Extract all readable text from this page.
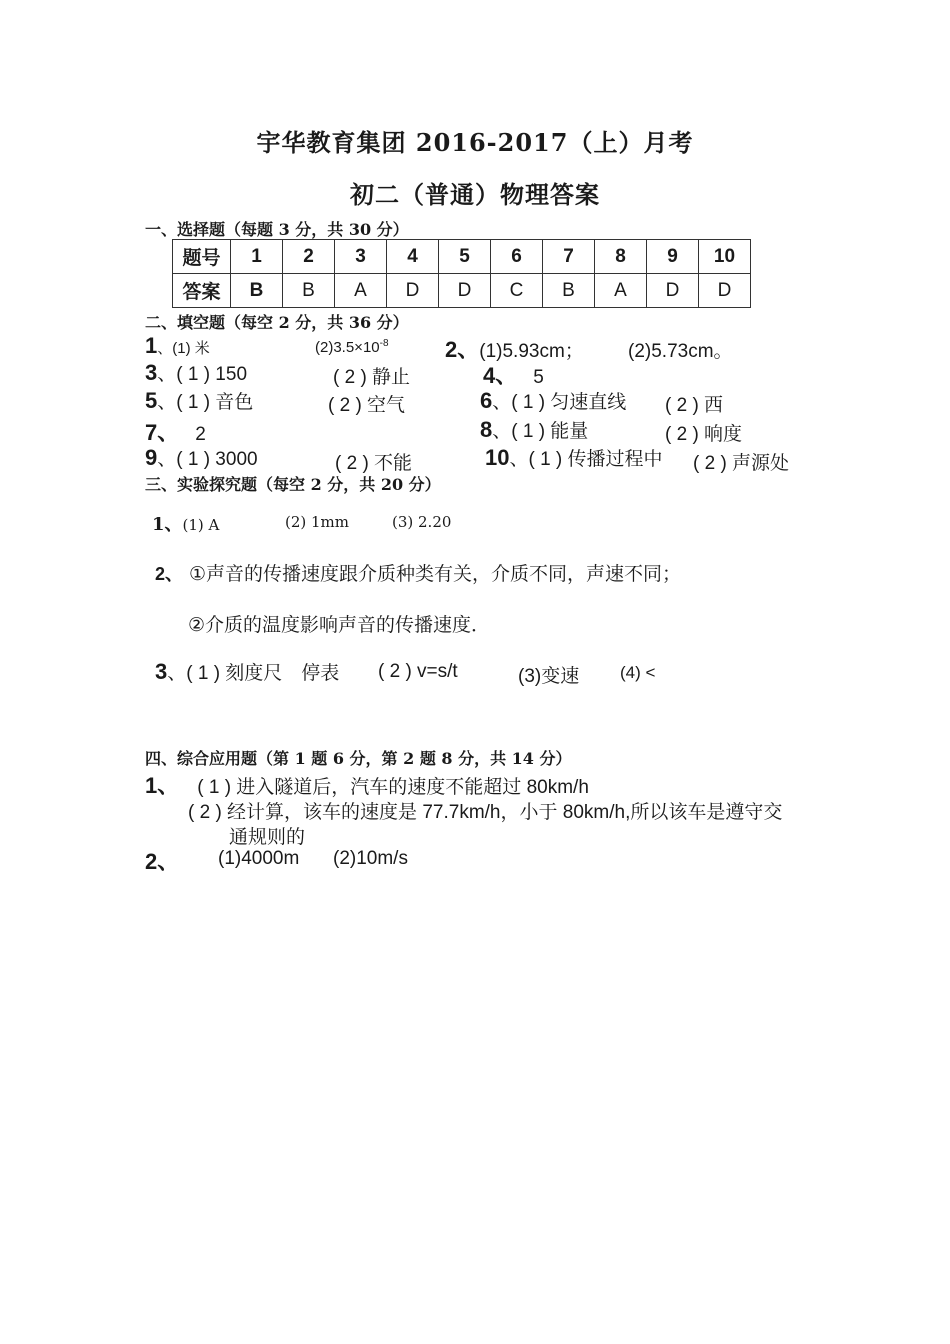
宇华教育集团 2016-2017（上）月考
初二（普通）物理答案
一、选择题（每题 3 分，共 30 分）
题号	1	2	3	4	5	6	7	8	9	10
答案	B	B	A	D	D	C	B	A	D	D
二、填空题（每空 2 分，共 36 分）
1、(1) 米	$(2)3.5\times 10^{-8}$	2、(1)5.93cm； (2)5.73cm。
3、( 1 ) 150	( 2 ) 静止	4、 5
5、( 1 ) 音色	( 2 ) 空气	6、( 1 ) 匀速直线 ( 2 ) 西
7、 2	8、( 1 ) 能量	( 2 ) 响度
9、( 1 ) 3000	( 2 ) 不能	10、( 1 ) 传播过程中 ( 2 ) 声源处
三、实验探究题（每空 2 分，共 20 分）
1、(1) A	(2) 1mm	(3) 2.20
2、 ①声音的传播速度跟介质种类有关，介质不同，声速不同；
②介质的温度影响声音的传播速度．
3、( 1 ) 刻度尺　停表 ( 2 ) v=s/t	(3)变速 (4) <
四、综合应用题（第 1 题 6 分，第 2 题 8 分，共 14 分）
1、 ( 1 ) 进入隧道后，汽车的速度不能超过 80km/h
( 2 ) 经计算，该车的速度是 77.7km/h，小于 80km/h,所以该车是遵守交
通规则的
2、 (1)4000m (2)10m/s
